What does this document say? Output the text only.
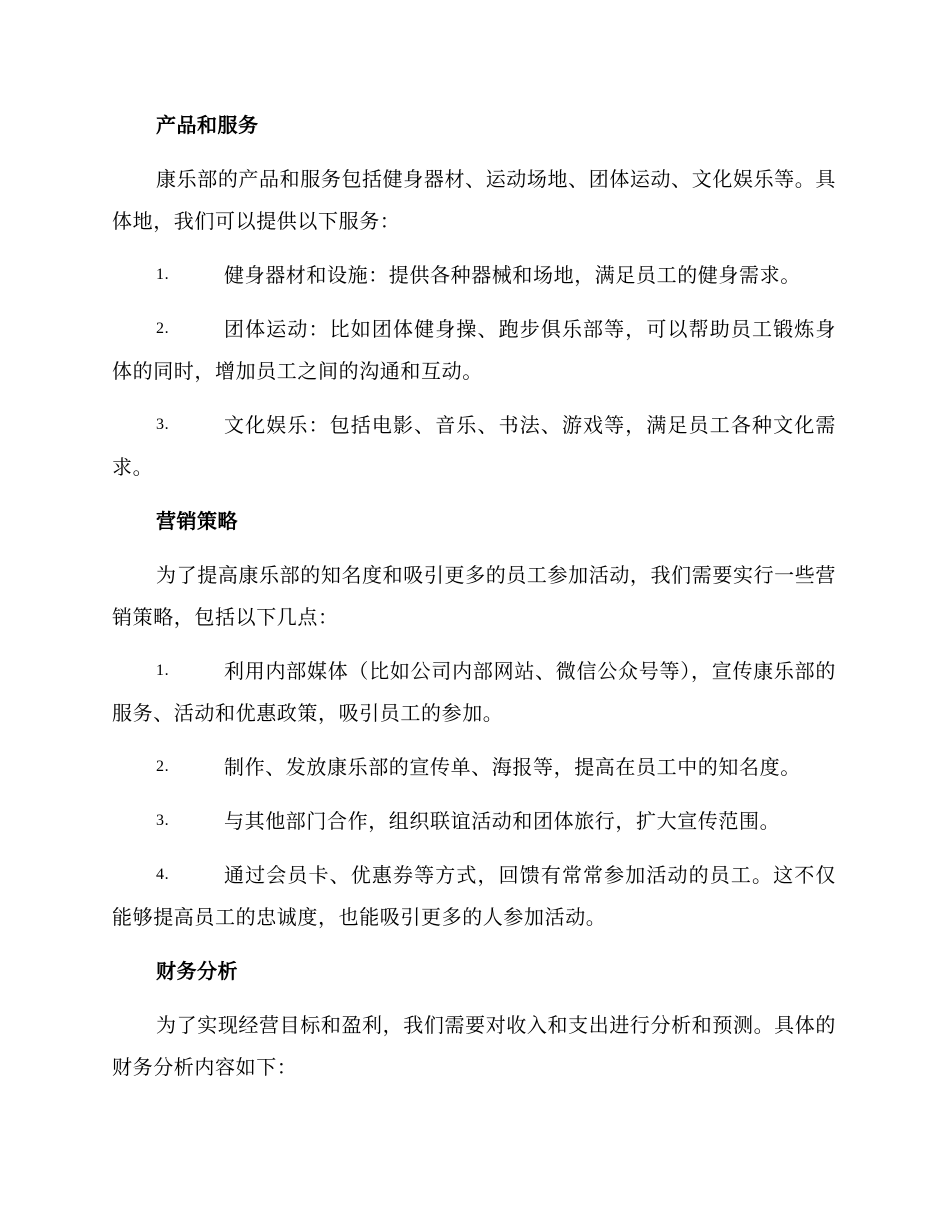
产品和服务

康乐部的产品和服务包括健身器材、运动场地、团体运动、文化娱乐等。具体地，我们可以提供以下服务：

1.	健身器材和设施：提供各种器械和场地，满足员工的健身需求。
2.	团体运动：比如团体健身操、跑步俱乐部等，可以帮助员工锻炼身体的同时，增加员工之间的沟通和互动。
3.	文化娱乐：包括电影、音乐、书法、游戏等，满足员工各种文化需求。
营销策略

为了提高康乐部的知名度和吸引更多的员工参加活动，我们需要实行一些营销策略，包括以下几点：

1.	利用内部媒体（比如公司内部网站、微信公众号等），宣传康乐部的服务、活动和优惠政策，吸引员工的参加。
2.	制作、发放康乐部的宣传单、海报等，提高在员工中的知名度。
3.	与其他部门合作，组织联谊活动和团体旅行，扩大宣传范围。
4.	通过会员卡、优惠券等方式，回馈有常常参加活动的员工。这不仅能够提高员工的忠诚度，也能吸引更多的人参加活动。
财务分析

为了实现经营目标和盈利，我们需要对收入和支出进行分析和预测。具体的财务分析内容如下：
